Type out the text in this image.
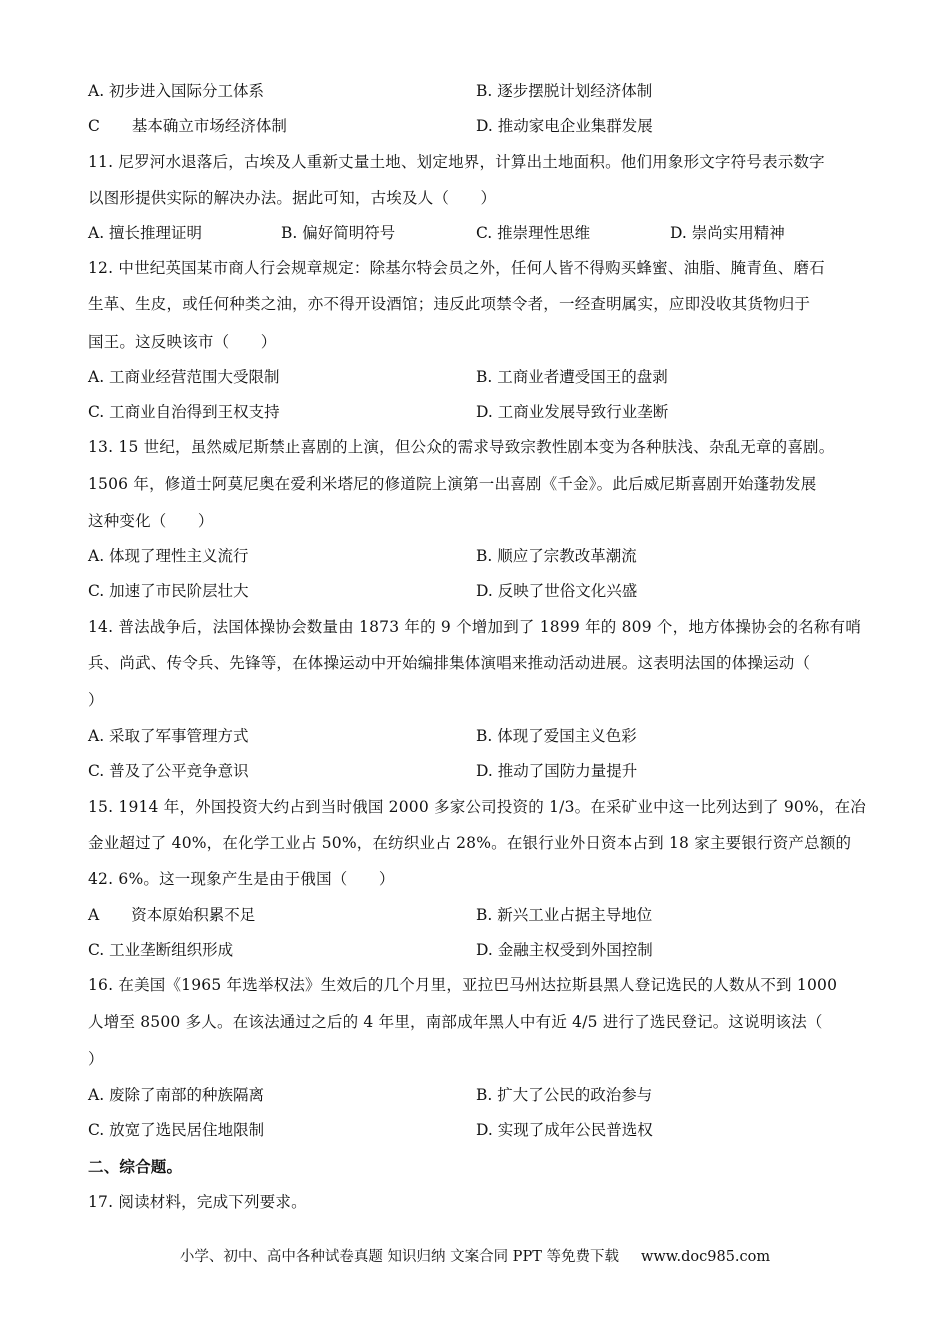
A. 初步进入国际分工体系	B. 逐步摆脱计划经济体制
C 基本确立市场经济体制	D. 推动家电企业集群发展
11. 尼罗河水退落后，古埃及人重新丈量土地、划定地界，计算出土地面积。他们用象形文字符号表示数字
以图形提供实际的解决办法。据此可知，古埃及人（　　）
A. 擅长推理证明	B. 偏好简明符号	C. 推崇理性思维	D. 崇尚实用精神
12. 中世纪英国某市商人行会规章规定：除基尔特会员之外，任何人皆不得购买蜂蜜、油脂、腌青鱼、磨石
生革、生皮，或任何种类之油，亦不得开设酒馆；违反此项禁令者，一经查明属实，应即没收其货物归于
国王。这反映该市（　　）
A. 工商业经营范围大受限制	B. 工商业者遭受国王的盘剥
C. 工商业自治得到王权支持	D. 工商业发展导致行业垄断
13. 15 世纪，虽然威尼斯禁止喜剧的上演，但公众的需求导致宗教性剧本变为各种肤浅、杂乱无章的喜剧。
1506 年，修道士阿莫尼奥在爱利米塔尼的修道院上演第一出喜剧《千金》。此后威尼斯喜剧开始蓬勃发展
这种变化（　　）
A. 体现了理性主义流行	B. 顺应了宗教改革潮流
C. 加速了市民阶层壮大	D. 反映了世俗文化兴盛
14. 普法战争后，法国体操协会数量由 1873 年的 9 个增加到了 1899 年的 809 个，地方体操协会的名称有哨
兵、尚武、传令兵、先锋等，在体操运动中开始编排集体演唱来推动活动进展。这表明法国的体操运动（
）
A. 采取了军事管理方式	B. 体现了爱国主义色彩
C. 普及了公平竞争意识	D. 推动了国防力量提升
15. 1914 年，外国投资大约占到当时俄国 2000 多家公司投资的 1/3。在采矿业中这一比列达到了 90%，在冶
金业超过了 40%，在化学工业占 50%，在纺织业占 28%。在银行业外日资本占到 18 家主要银行资产总额的
42. 6%。这一现象产生是由于俄国（　　）
A 资本原始积累不足	B. 新兴工业占据主导地位
C. 工业垄断组织形成	D. 金融主权受到外国控制
16. 在美国《1965 年选举权法》生效后的几个月里，亚拉巴马州达拉斯县黑人登记选民的人数从不到 1000
人增至 8500 多人。在该法通过之后的 4 年里，南部成年黑人中有近 4/5 进行了选民登记。这说明该法（
）
A. 废除了南部的种族隔离	B. 扩大了公民的政治参与
C. 放宽了选民居住地限制	D. 实现了成年公民普选权
二、综合题。
17. 阅读材料，完成下列要求。
小学、初中、高中各种试卷真题 知识归纳 文案合同 PPT 等免费下载 www.doc985.com
